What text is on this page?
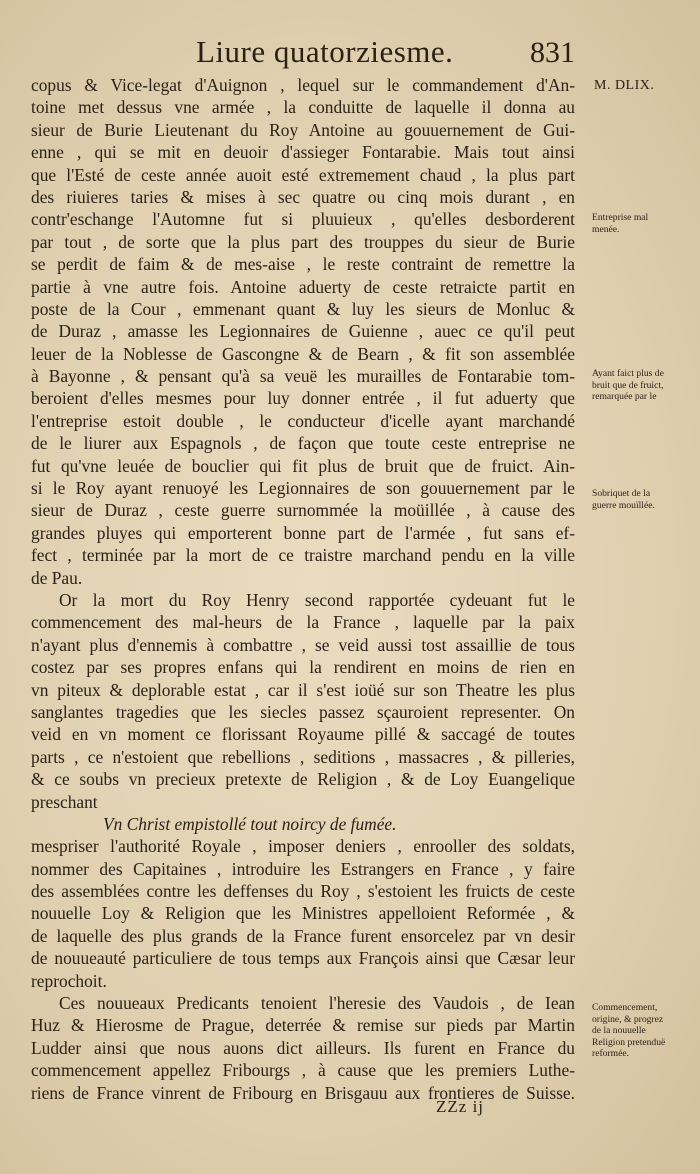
Liure quatorziesme.	831
M. DLIX.
Entreprise mal menée.
Ayant faict plus de bruit que de fruict, remarquée par le
Sobriquet de la guerre mouïllée.
Commencement, origine, & progrez de la nouuelle Religion pretenduë reformée.
copus & Vice-legat d'Auignon , lequel sur le commandement d'An-
toine met dessus vne armée , la conduitte de laquelle il donna au
sieur de Burie Lieutenant du Roy Antoine au gouuernement de Gui-
enne , qui se mit en deuoir d'assieger Fontarabie. Mais tout ainsi
que l'Esté de ceste année auoit esté extremement chaud , la plus part
des riuieres taries & mises à sec quatre ou cinq mois durant , en
contr'eschange l'Automne fut si pluuieux , qu'elles desborderent
par tout , de sorte que la plus part des trouppes du sieur de Burie
se perdit de faim & de mes-aise , le reste contraint de remettre la
partie à vne autre fois. Antoine aduerty de ceste retraicte partit en
poste de la Cour , emmenant quant & luy les sieurs de Monluc &
de Duraz , amasse les Legionnaires de Guienne , auec ce qu'il peut
leuer de la Noblesse de Gascongne & de Bearn , & fit son assemblée
à Bayonne , & pensant qu'à sa veuë les murailles de Fontarabie tom-
beroient d'elles mesmes pour luy donner entrée , il fut aduerty que
l'entreprise estoit double , le conducteur d'icelle ayant marchandé
de le liurer aux Espagnols , de façon que toute ceste entreprise ne
fut qu'vne leuée de bouclier qui fit plus de bruit que de fruict. Ain-
si le Roy ayant renuoyé les Legionnaires de son gouuernement par le
sieur de Duraz , ceste guerre surnommée la moüillée , à cause des
grandes pluyes qui emporterent bonne part de l'armée , fut sans ef-
fect , terminée par la mort de ce traistre marchand pendu en la ville
de Pau.
Or la mort du Roy Henry second rapportée cydeuant fut le
commencement des mal-heurs de la France , laquelle par la paix
n'ayant plus d'ennemis à combattre , se veid aussi tost assaillie de tous
costez par ses propres enfans qui la rendirent en moins de rien en
vn piteux & deplorable estat , car il s'est ioüé sur son Theatre les plus
sanglantes tragedies que les siecles passez sçauroient representer. On
veid en vn moment ce florissant Royaume pillé & saccagé de toutes
parts , ce n'estoient que rebellions , seditions , massacres , & pilleries,
& ce soubs vn precieux pretexte de Religion , & de Loy Euangelique
preschant
Vn Christ empistollé tout noircy de fumée.
mespriser l'authorité Royale , imposer deniers , enrooller des soldats,
nommer des Capitaines , introduire les Estrangers en France , y faire
des assemblées contre les deffenses du Roy , s'estoient les fruicts de ceste
nouuelle Loy & Religion que les Ministres appelloient Reformée , &
de laquelle des plus grands de la France furent ensorcelez par vn desir
de nouueauté particuliere de tous temps aux François ainsi que Cæsar leur
reprochoit.
Ces nouueaux Predicants tenoient l'heresie des Vaudois , de Iean
Huz & Hierosme de Prague, deterrée & remise sur pieds par Martin
Ludder ainsi que nous auons dict ailleurs. Ils furent en France du
commencement appellez Fribourgs , à cause que les premiers Luthe-
riens de France vinrent de Fribourg en Brisgauu aux frontieres de Suisse.
ZZz ij
